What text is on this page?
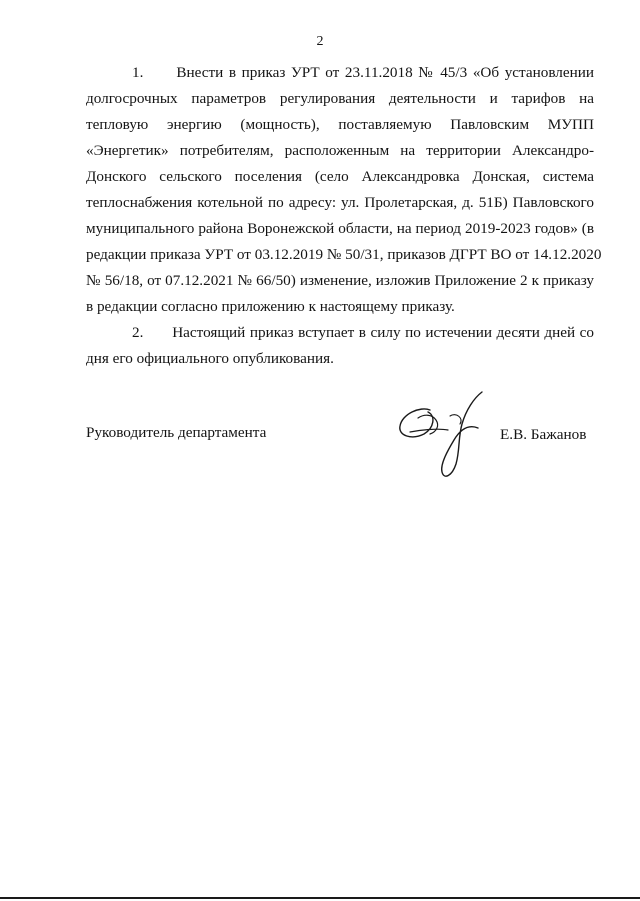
2

1. Внести в приказ УРТ от 23.11.2018 № 45/3 «Об установлении
долгосрочных параметров регулирования деятельности и тарифов на
тепловую энергию (мощность), поставляемую Павловским МУПП
«Энергетик» потребителям, расположенным на территории Александро-
Донского сельского поселения (село Александровка Донская, система
теплоснабжения котельной по адресу: ул. Пролетарская, д. 51Б) Павловского
муниципального района Воронежской области, на период 2019-2023 годов» (в
редакции приказа УРТ от 03.12.2019 № 50/31, приказов ДГРТ ВО от 14.12.2020
№ 56/18, от 07.12.2021 № 66/50) изменение, изложив Приложение 2 к приказу
в редакции согласно приложению к настоящему приказу.

2. Настоящий приказ вступает в силу по истечении десяти дней со
дня его официального опубликования.

Руководитель департамента	Е.В. Бажанов
